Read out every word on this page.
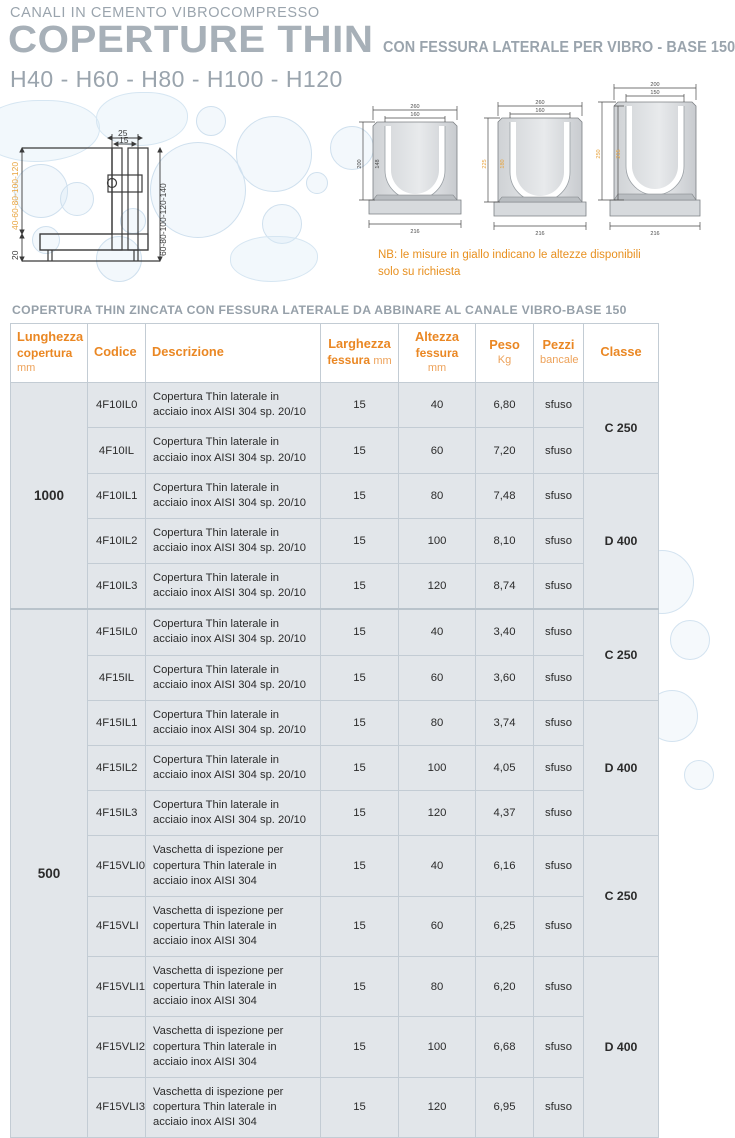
CANALI IN CEMENTO VIBROCOMPRESSO
COPERTURE THIN CON FESSURA LATERALE PER VIBRO - BASE 150
H40 - H60 - H80 - H100 - H120
25
15
60-80-100-120-140
20
40-60-80-100-120
260
160
216
200 148
260
160
216
225 180
200
150
216
250	215
NB: le misure in giallo indicano le altezze disponibili solo su richiesta
COPERTURA THIN ZINCATA CON FESSURA LATERALE DA ABBINARE AL CANALE VIBRO-BASE 150
Lunghezza
copertura mm	Codice	Descrizione	Larghezza
fessura mm	Altezza
fessura mm	Peso
Kg	Pezzi
bancale	Classe
1000	4F10IL0	Copertura Thin laterale in acciaio inox AISI 304 sp. 20/10	15	40	6,80	sfuso	C 250
	4F10IL	Copertura Thin laterale in acciaio inox AISI 304 sp. 20/10	15	60	7,20	sfuso	
	4F10IL1	Copertura Thin laterale in acciaio inox AISI 304 sp. 20/10	15	80	7,48	sfuso	D 400
	4F10IL2	Copertura Thin laterale in acciaio inox AISI 304 sp. 20/10	15	100	8,10	sfuso	
	4F10IL3	Copertura Thin laterale in acciaio inox AISI 304 sp. 20/10	15	120	8,74	sfuso	
500	4F15IL0	Copertura Thin laterale in acciaio inox AISI 304 sp. 20/10	15	40	3,40	sfuso	C 250
	4F15IL	Copertura Thin laterale in acciaio inox AISI 304 sp. 20/10	15	60	3,60	sfuso	
	4F15IL1	Copertura Thin laterale in acciaio inox AISI 304 sp. 20/10	15	80	3,74	sfuso	D 400
	4F15IL2	Copertura Thin laterale in acciaio inox AISI 304 sp. 20/10	15	100	4,05	sfuso	
	4F15IL3	Copertura Thin laterale in acciaio inox AISI 304 sp. 20/10	15	120	4,37	sfuso	
	4F15VLI0	Vaschetta di ispezione per copertura Thin laterale in acciaio inox AISI 304	15	40	6,16	sfuso	C 250
	4F15VLI	Vaschetta di ispezione per copertura Thin laterale in acciaio inox AISI 304	15	60	6,25	sfuso	
	4F15VLI1	Vaschetta di ispezione per copertura Thin laterale in acciaio inox AISI 304	15	80	6,20	sfuso	D 400
	4F15VLI2	Vaschetta di ispezione per copertura Thin laterale in acciaio inox AISI 304	15	100	6,68	sfuso	
	4F15VLI3	Vaschetta di ispezione per copertura Thin laterale in acciaio inox AISI 304	15	120	6,95	sfuso	
